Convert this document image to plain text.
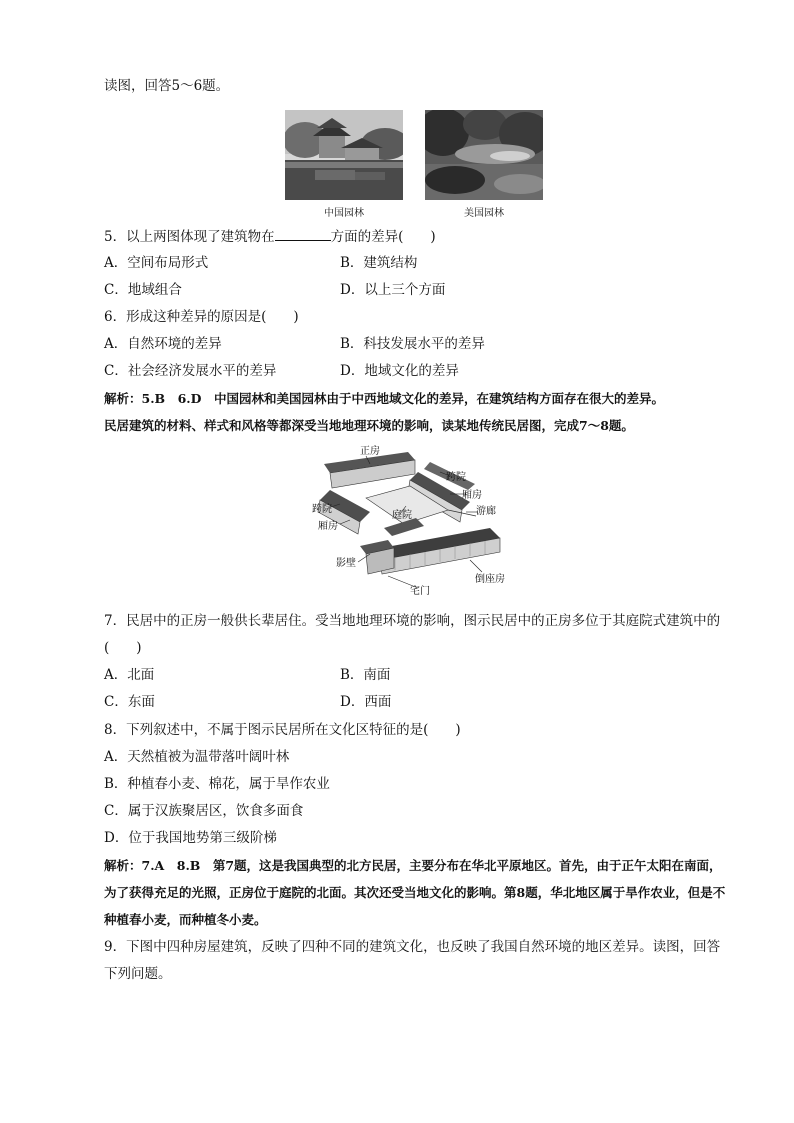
读图，回答5～6题。
中国园林	美国园林
5．以上两图体现了建筑物在	方面的差异(　　)
A．空间布局形式	B．建筑结构
C．地域组合	D．以上三个方面
6．形成这种差异的原因是(　　)
A．自然环境的差异	B．科技发展水平的差异
C．社会经济发展水平的差异	D．地域文化的差异
解析：5.B　6.D　中国园林和美国园林由于中西地域文化的差异，在建筑结构方面存在很大的差异。
民居建筑的材料、样式和风格等都深受当地地理环境的影响，读某地传统民居图，完成7～8题。
正房
跨院
厢房
游廊
跨院
庭院
厢房
影壁
倒座房
宅门
7．民居中的正房一般供长辈居住。受当地地理环境的影响，图示民居中的正房多位于其庭院式建筑中的(　　)
A．北面	B．南面
C．东面	D．西面
8．下列叙述中，不属于图示民居所在文化区特征的是(　　)
A．天然植被为温带落叶阔叶林
B．种植春小麦、棉花，属于旱作农业
C．属于汉族聚居区，饮食多面食
D．位于我国地势第三级阶梯
解析：7.A　8.B　第7题，这是我国典型的北方民居，主要分布在华北平原地区。首先，由于正午太阳在南面，为了获得充足的光照，正房位于庭院的北面。其次还受当地文化的影响。第8题，华北地区属于旱作农业，但是不种植春小麦，而种植冬小麦。
9．下图中四种房屋建筑，反映了四种不同的建筑文化，也反映了我国自然环境的地区差异。读图，回答下列问题。
